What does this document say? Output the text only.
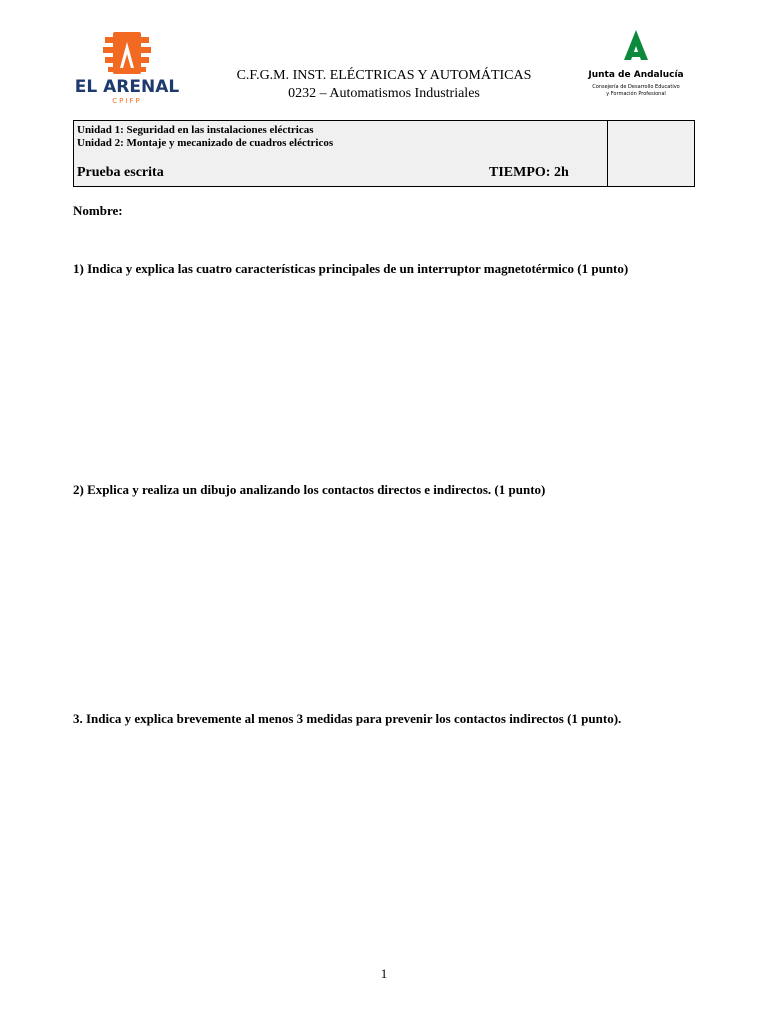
EL ARENAL
CPIFP
Junta de Andalucía
Consejería de Desarrollo Educativo
y Formación Profesional
C.F.G.M. INST. ELÉCTRICAS Y AUTOMÁTICAS
0232 – Automatismos Industriales
Unidad 1: Seguridad en las instalaciones eléctricas
Unidad 2: Montaje y mecanizado de cuadros eléctricos
Prueba escrita	TIEMPO: 2h
Nombre:
1) Indica y explica las cuatro características principales de un interruptor magnetotérmico (1 punto)
2) Explica y realiza un dibujo analizando los contactos directos e indirectos. (1 punto)
3. Indica y explica brevemente al menos 3 medidas para prevenir los contactos indirectos (1 punto).
1
